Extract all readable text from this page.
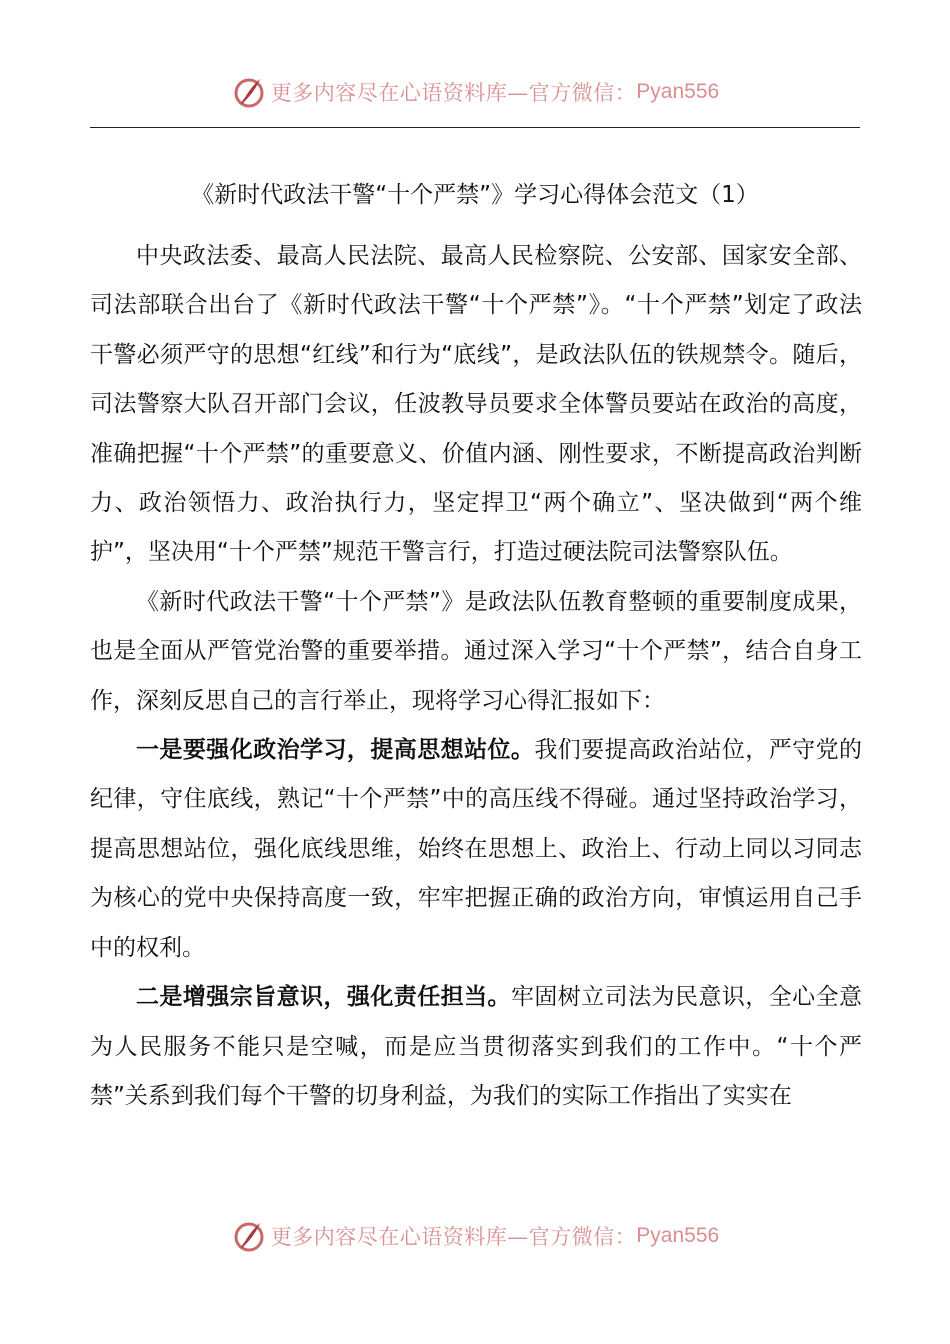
更多内容尽在心语资料库—官方微信： Pyan556
《新时代政法干警“十个严禁”》学习心得体会范文（1）

中央政法委、最高人民法院、最高人民检察院、公安部、国家安全部、司法部联合出台了《新时代政法干警“十个严禁”》。“十个严禁”划定了政法干警必须严守的思想“红线”和行为“底线”，是政法队伍的铁规禁令。随后，司法警察大队召开部门会议，任波教导员要求全体警员要站在政治的高度，准确把握“十个严禁”的重要意义、价值内涵、刚性要求，不断提高政治判断力、政治领悟力、政治执行力，坚定捍卫“两个确立”、坚决做到“两个维护”，坚决用“十个严禁”规范干警言行，打造过硬法院司法警察队伍。

《新时代政法干警“十个严禁”》是政法队伍教育整顿的重要制度成果，也是全面从严管党治警的重要举措。通过深入学习“十个严禁”，结合自身工作，深刻反思自己的言行举止，现将学习心得汇报如下：

一是要强化政治学习，提高思想站位。我们要提高政治站位，严守党的纪律，守住底线，熟记“十个严禁”中的高压线不得碰。通过坚持政治学习，提高思想站位，强化底线思维，始终在思想上、政治上、行动上同以习同志为核心的党中央保持高度一致，牢牢把握正确的政治方向，审慎运用自己手中的权利。

二是增强宗旨意识，强化责任担当。牢固树立司法为民意识，全心全意为人民服务不能只是空喊，而是应当贯彻落实到我们的工作中。“十个严禁”关系到我们每个干警的切身利益，为我们的实际工作指出了实实在

更多内容尽在心语资料库—官方微信： Pyan556
